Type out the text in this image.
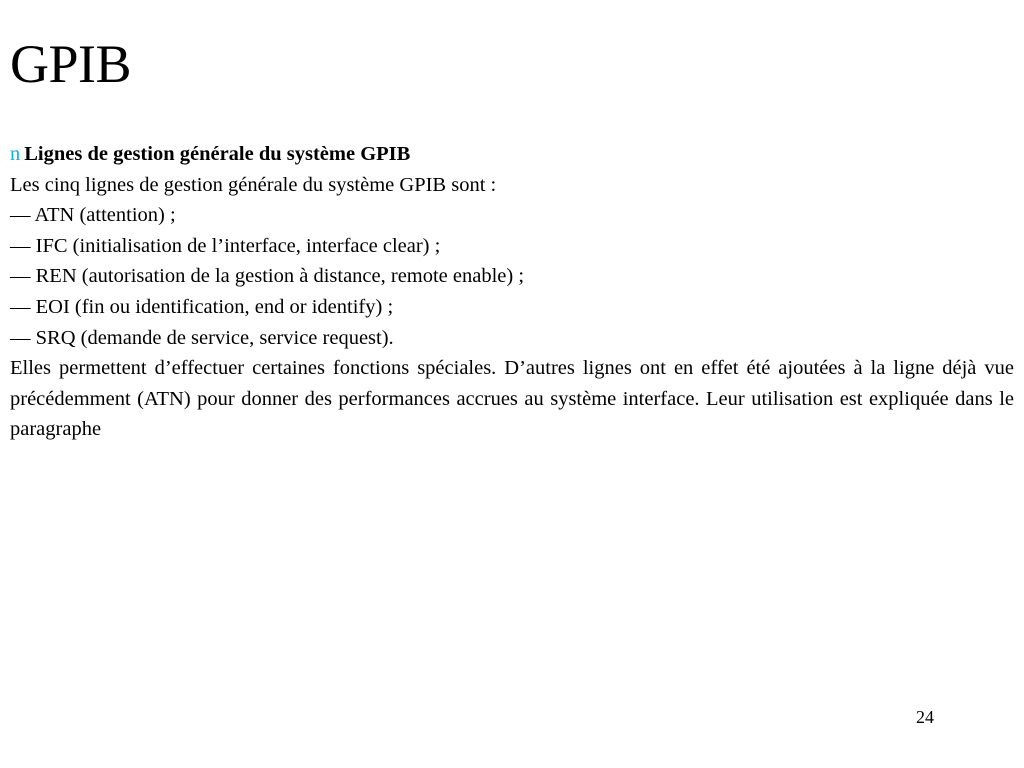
GPIB
n Lignes de gestion générale du système GPIB
Les cinq lignes de gestion générale du système GPIB sont :
— ATN (attention) ;
— IFC (initialisation de l’interface, interface clear) ;
— REN (autorisation de la gestion à distance, remote enable) ;
— EOI (fin ou identification, end or identify) ;
— SRQ (demande de service, service request).

Elles permettent d’effectuer certaines fonctions spéciales. D’autres lignes ont en effet été ajoutées à la ligne déjà vue précédemment (ATN) pour donner des performances accrues au système interface. Leur utilisation est expliquée dans le paragraphe

24
